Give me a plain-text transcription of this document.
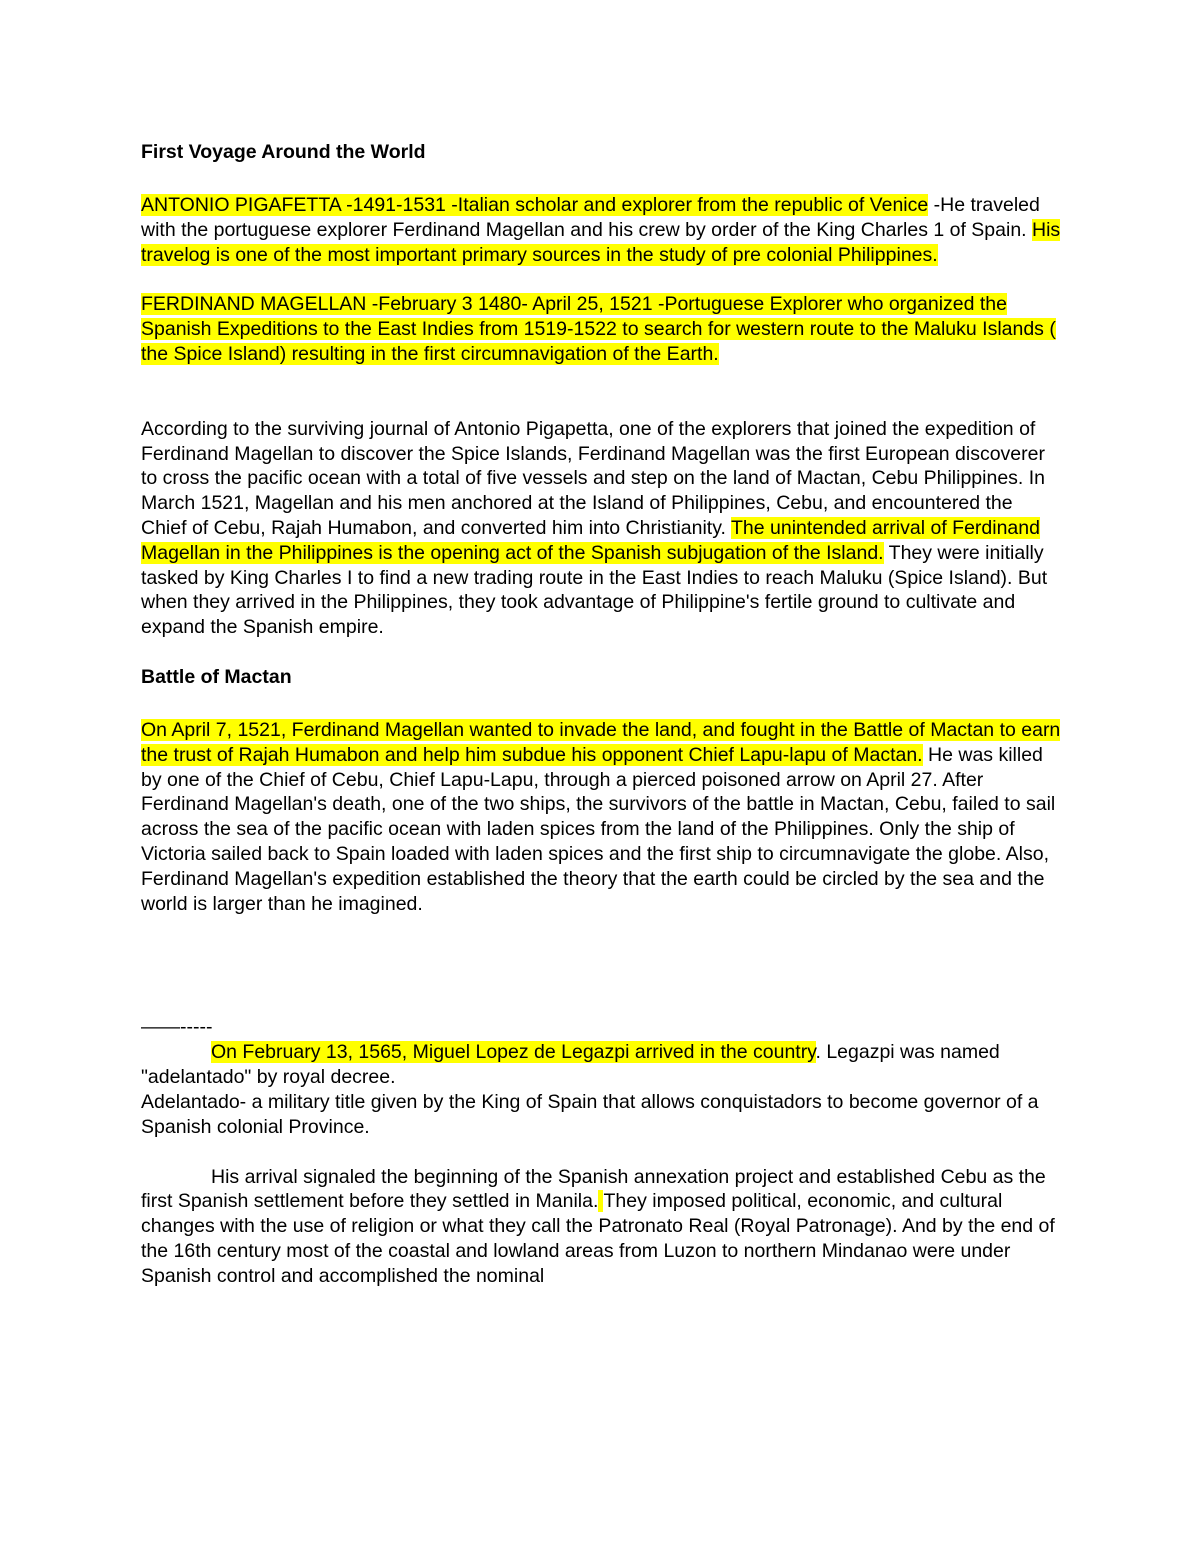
First Voyage Around the World

ANTONIO PIGAFETTA -1491-1531 -Italian scholar and explorer from the republic of Venice -He traveled with the portuguese explorer Ferdinand Magellan and his crew by order of the King Charles 1 of Spain. His travelog is one of the most important primary sources in the study of pre colonial Philippines.

FERDINAND MAGELLAN -February 3 1480- April 25, 1521 -Portuguese Explorer who organized the Spanish Expeditions to the East Indies from 1519-1522 to search for western route to the Maluku Islands ( the Spice Island) resulting in the first circumnavigation of the Earth.

According to the surviving journal of Antonio Pigapetta, one of the explorers that joined the expedition of Ferdinand Magellan to discover the Spice Islands, Ferdinand Magellan was the first European discoverer to cross the pacific ocean with a total of five vessels and step on the land of Mactan, Cebu Philippines. In March 1521, Magellan and his men anchored at the Island of Philippines, Cebu, and encountered the Chief of Cebu, Rajah Humabon, and converted him into Christianity. The unintended arrival of Ferdinand Magellan in the Philippines is the opening act of the Spanish subjugation of the Island. They were initially tasked by King Charles I to find a new trading route in the East Indies to reach Maluku (Spice Island). But when they arrived in the Philippines, they took advantage of Philippine's fertile ground to cultivate and expand the Spanish empire.

Battle of Mactan

On April 7, 1521, Ferdinand Magellan wanted to invade the land, and fought in the Battle of Mactan to earn the trust of Rajah Humabon and help him subdue his opponent Chief Lapu-lapu of Mactan. He was killed by one of the Chief of Cebu, Chief Lapu-Lapu, through a pierced poisoned arrow on April 27. After Ferdinand Magellan's death, one of the two ships, the survivors of the battle in Mactan, Cebu, failed to sail across the sea of the pacific ocean with laden spices from the land of the Philippines. Only the ship of Victoria sailed back to Spain loaded with laden spices and the first ship to circumnavigate the globe. Also, Ferdinand Magellan's expedition established the theory that the earth could be circled by the sea and the world is larger than he imagined.

——-----

On February 13, 1565, Miguel Lopez de Legazpi arrived in the country. Legazpi was named "adelantado" by royal decree.

Adelantado- a military title given by the King of Spain that allows conquistadors to become governor of a Spanish colonial Province.

His arrival signaled the beginning of the Spanish annexation project and established Cebu as the first Spanish settlement before they settled in Manila. They imposed political, economic, and cultural changes with the use of religion or what they call the Patronato Real (Royal Patronage). And by the end of the 16th century most of the coastal and lowland areas from Luzon to northern Mindanao were under Spanish control and accomplished the nominal
